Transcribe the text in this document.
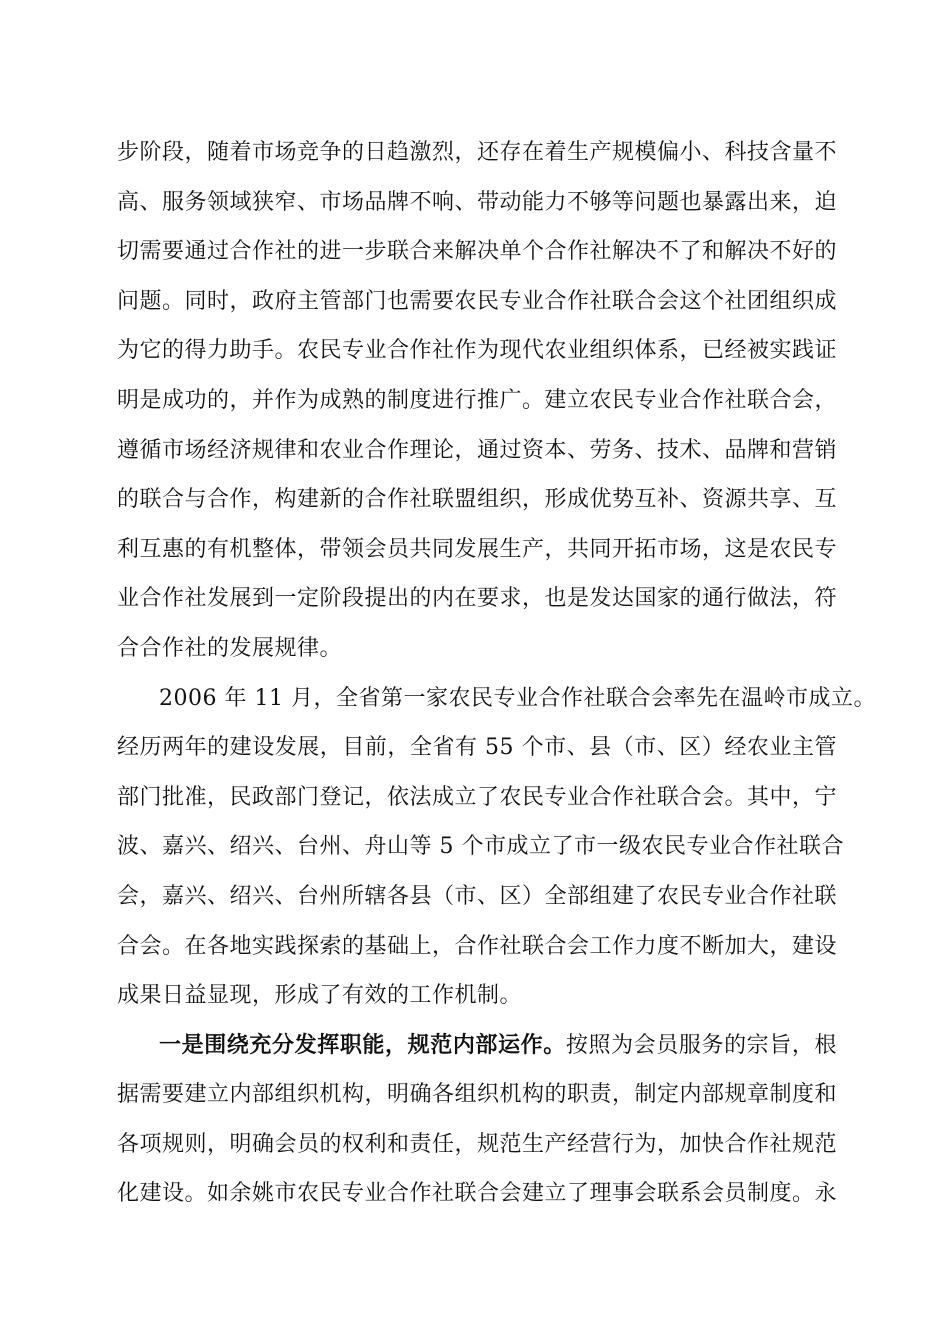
步阶段，随着市场竞争的日趋激烈，还存在着生产规模偏小、科技含量不
高、服务领域狭窄、市场品牌不响、带动能力不够等问题也暴露出来，迫
切需要通过合作社的进一步联合来解决单个合作社解决不了和解决不好的
问题。同时，政府主管部门也需要农民专业合作社联合会这个社团组织成
为它的得力助手。农民专业合作社作为现代农业组织体系，已经被实践证
明是成功的，并作为成熟的制度进行推广。建立农民专业合作社联合会，
遵循市场经济规律和农业合作理论，通过资本、劳务、技术、品牌和营销
的联合与合作，构建新的合作社联盟组织，形成优势互补、资源共享、互
利互惠的有机整体，带领会员共同发展生产，共同开拓市场，这是农民专
业合作社发展到一定阶段提出的内在要求，也是发达国家的通行做法，符
合合作社的发展规律。
2006 年 11 月，全省第一家农民专业合作社联合会率先在温岭市成立。
经历两年的建设发展，目前，全省有 55 个市、县（市、区）经农业主管
部门批准，民政部门登记，依法成立了农民专业合作社联合会。其中，宁
波、嘉兴、绍兴、台州、舟山等 5 个市成立了市一级农民专业合作社联合
会，嘉兴、绍兴、台州所辖各县（市、区）全部组建了农民专业合作社联
合会。在各地实践探索的基础上，合作社联合会工作力度不断加大，建设
成果日益显现，形成了有效的工作机制。
一是围绕充分发挥职能，规范内部运作。按照为会员服务的宗旨，根
据需要建立内部组织机构，明确各组织机构的职责，制定内部规章制度和
各项规则，明确会员的权利和责任，规范生产经营行为，加快合作社规范
化建设。如余姚市农民专业合作社联合会建立了理事会联系会员制度。永
